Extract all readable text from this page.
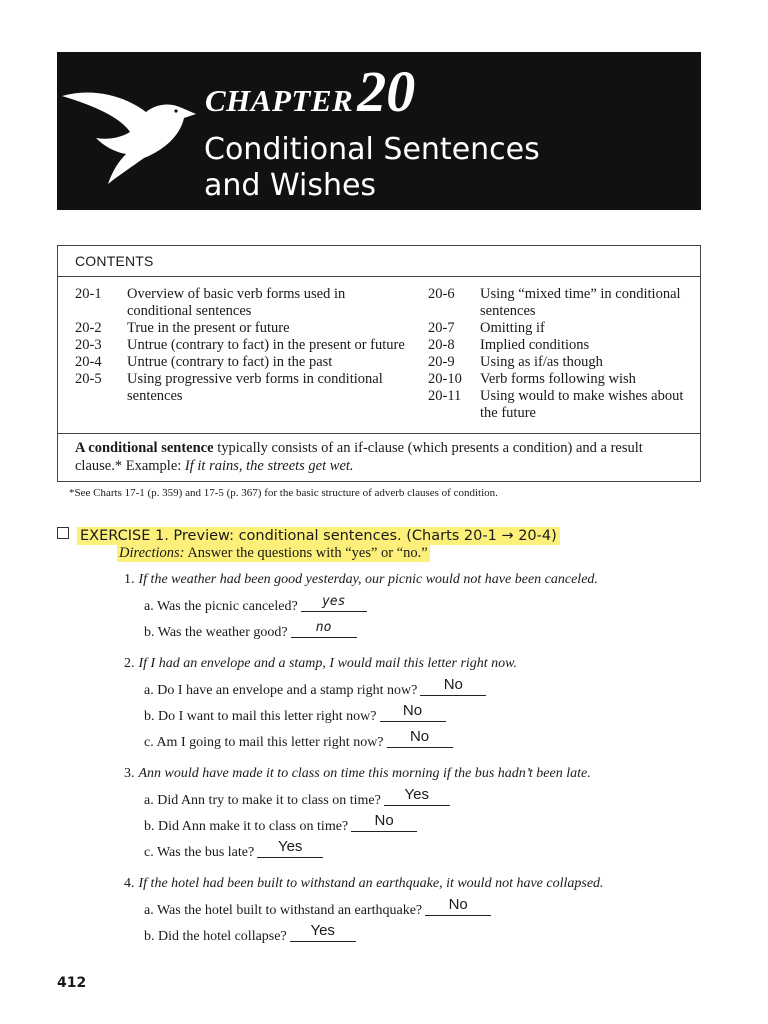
CHAPTER20
Conditional Sentences
and Wishes
CONTENTS
20-1 Overview of basic verb forms used in conditional sentences
20-2 True in the present or future
20-3 Untrue (contrary to fact) in the present or future
20-4 Untrue (contrary to fact) in the past
20-5 Using progressive verb forms in conditional sentences
20-6 Using “mixed time” in conditional sentences
20-7 Omitting if
20-8 Implied conditions
20-9 Using as if/as though
20-10 Verb forms following wish
20-11 Using would to make wishes about the future
A conditional sentence typically consists of an if-clause (which presents a condition) and a result clause.* Example: If it rains, the streets get wet.
*See Charts 17-1 (p. 359) and 17-5 (p. 367) for the basic structure of adverb clauses of condition.
EXERCISE 1. Preview: conditional sentences. (Charts 20-1 → 20-4)
Directions: Answer the questions with “yes” or “no.”
1. If the weather had been good yesterday, our picnic would not have been canceled.
a. Was the picnic canceled?	yes
b. Was the weather good?	no
2. If I had an envelope and a stamp, I would mail this letter right now.
a. Do I have an envelope and a stamp right now?	No
b. Do I want to mail this letter right now?	No
c. Am I going to mail this letter right now?	No
3. Ann would have made it to class on time this morning if the bus hadn’t been late.
a. Did Ann try to make it to class on time?	Yes
b. Did Ann make it to class on time?	No
c. Was the bus late?	Yes
4. If the hotel had been built to withstand an earthquake, it would not have collapsed.
a. Was the hotel built to withstand an earthquake?	No
b. Did the hotel collapse?	Yes
412
